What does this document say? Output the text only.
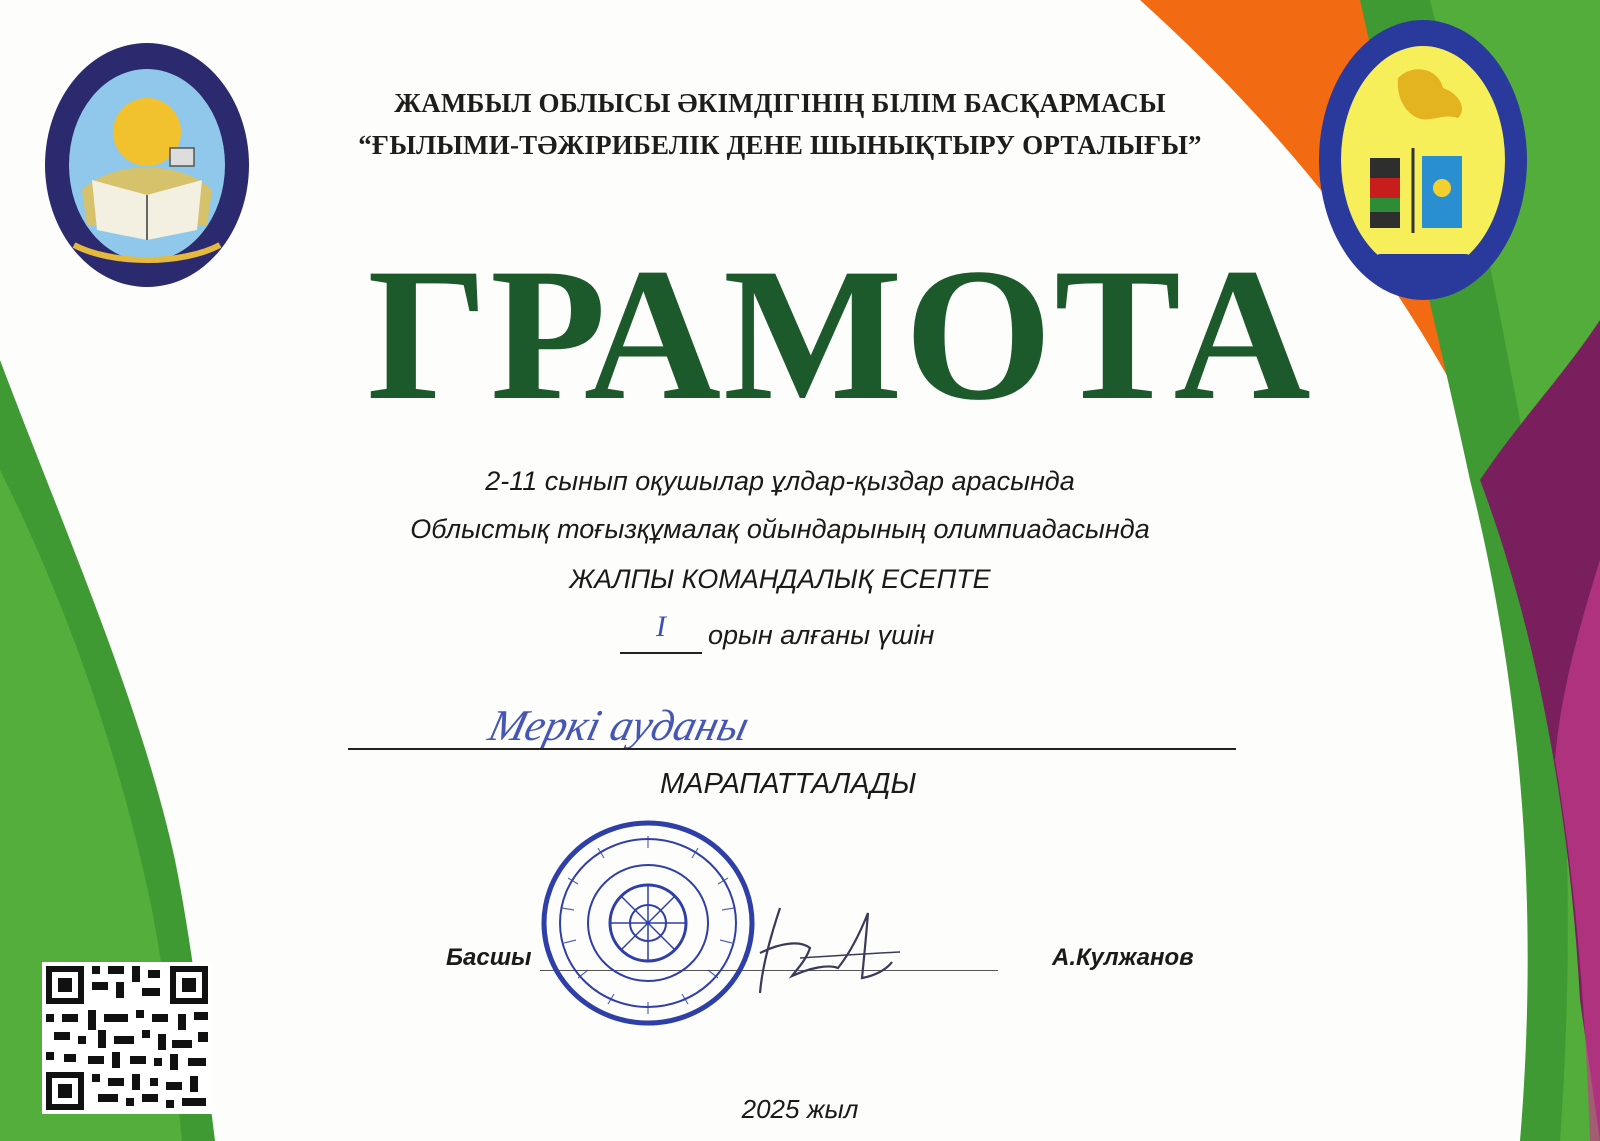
ЖАМБЫЛ ОБЛЫСЫ ӘКІМДІГІНІҢ БІЛІМ БАСҚАРМАСЫ
“ҒЫЛЫМИ-ТӘЖІРИБЕЛІК ДЕНЕ ШЫНЫҚТЫРУ ОРТАЛЫҒЫ”
ГРАМОТА
2-11 сынып оқушылар ұлдар-қыздар арасында
Облыстық тоғызқұмалақ ойындарының олимпиадасында
ЖАЛПЫ КОМАНДАЛЫҚ ЕСЕПТЕ
I	орын алғаны үшін
Меркі ауданы
МАРАПАТТАЛАДЫ
Басшы	А.Кулжанов
2025 жыл
